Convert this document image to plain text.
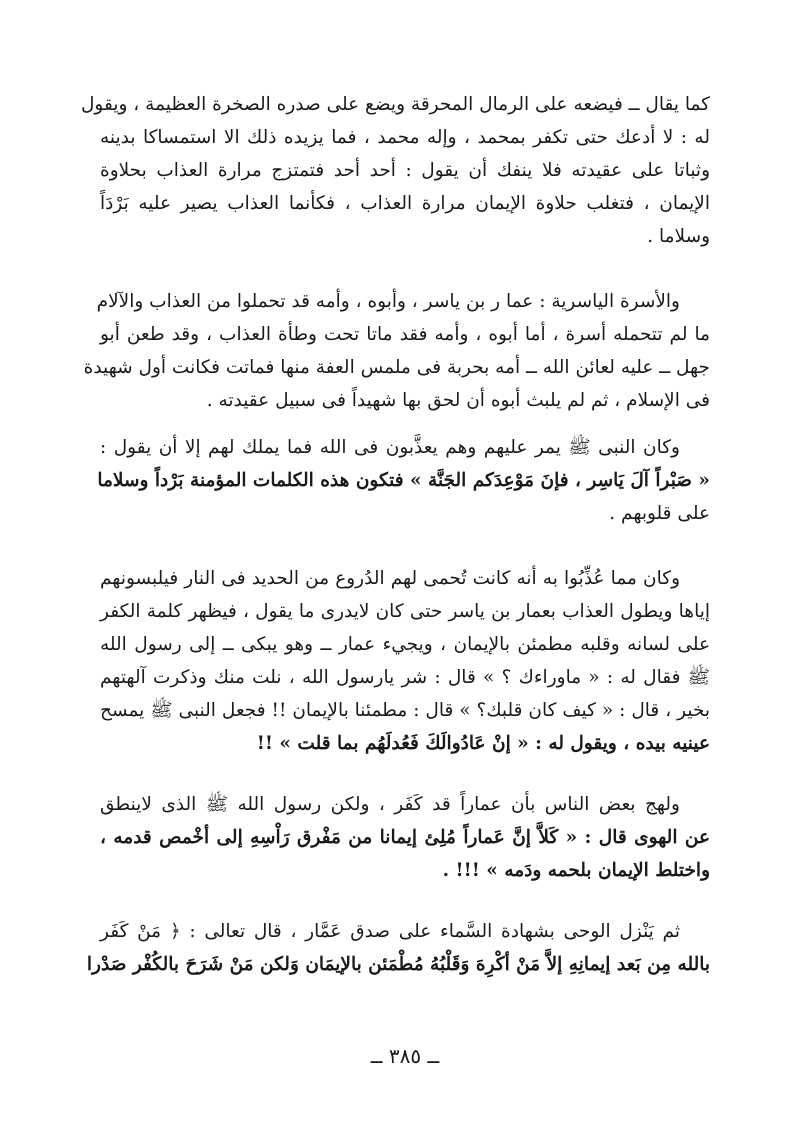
كما يقال ــ فيضعه على الرمال المحرقة ويضع على صدره الصخرة العظيمة ، ويقول
له : لا أدعك حتى تكفر بمحمد ، وإله محمد ، فما يزيده ذلك الا استمساكا بدينه
وثباتا على عقيدته فلا ينفك أن يقول : أحد أحد فتمتزج مرارة العذاب بحلاوة
الإيمان ، فتغلب حلاوة الإيمان مرارة العذاب ، فكأنما العذاب يصير عليه بَرْدَاً
وسلاما .

والأسرة الياسرية : عما ر بن ياسر ، وأبوه ، وأمه قد تحملوا من العذاب والآلام
ما لم تتحمله أسرة ، أما أبوه ، وأمه فقد ماتا تحت وطأة العذاب ، وقد طعن أبو
جهل ــ عليه لعائن الله ــ أمه بحربة فى ملمس العفة منها فماتت فكانت أول شهيدة
فى الإسلام ، ثم لم يلبث أبوه أن لحق بها شهيداً فى سبيل عقيدته .

وكان النبى ﷺ يمر عليهم وهم يعذَّبون فى الله فما يملك لهم إلا أن يقول :
« صَبْراً آلَ يَاسِر ، فإنَ مَوْعِدَكم الجَنَّة » فتكون هذه الكلمات المؤمنة بَرْداً وسلاما
على قلوبهم .

وكان مما عُذِّبُوا به أنه كانت تُحمى لهم الدُروع من الحديد فى النار فيلبسونهم
إياها ويطول العذاب بعمار بن ياسر حتى كان لايدرى ما يقول ، فيظهر كلمة الكفر
على لسانه وقلبه مطمئن بالإيمان ، ويجيء عمار ــ وهو يبكى ــ إلى رسول الله
ﷺ فقال له : « ماوراءك ؟ » قال : شر يارسول الله ، نلت منك وذكرت آلهتهم
بخير ، قال : « كيف كان قلبك؟ » قال : مطمئنا بالإيمان !! فجعل النبى ﷺ يمسح
عينيه بيده ، ويقول له : « إنْ عَادُوالَكَ فَعُدلَهُم بما قلت » !!

ولهج بعض الناس بأن عماراً قد كَفَر ، ولكن رسول الله ﷺ الذى لاينطق
عن الهوى قال : « كَلاَّ إنَّ عَماراً مُلِئ إيمانا من مَفْرق رَاْسِهِ إلى أخْمص قدمه ،
واختلط الإيمان بلحمه ودَمه » !!! .

ثم يَنْزل الوحى بشهادة السَّماء على صدق عَمَّار ، قال تعالى : ﴿ مَنْ كَفَر
بالله مِن بَعد إيمانِهِ إلاَّ مَنْ أكْرِهَ وَقَلْبُهُ مُطْمَئن بالإيمَان وَلكن مَنْ شَرَحَ بالكُفْر صَدْرا

ــ ٣٨٥ ــ
